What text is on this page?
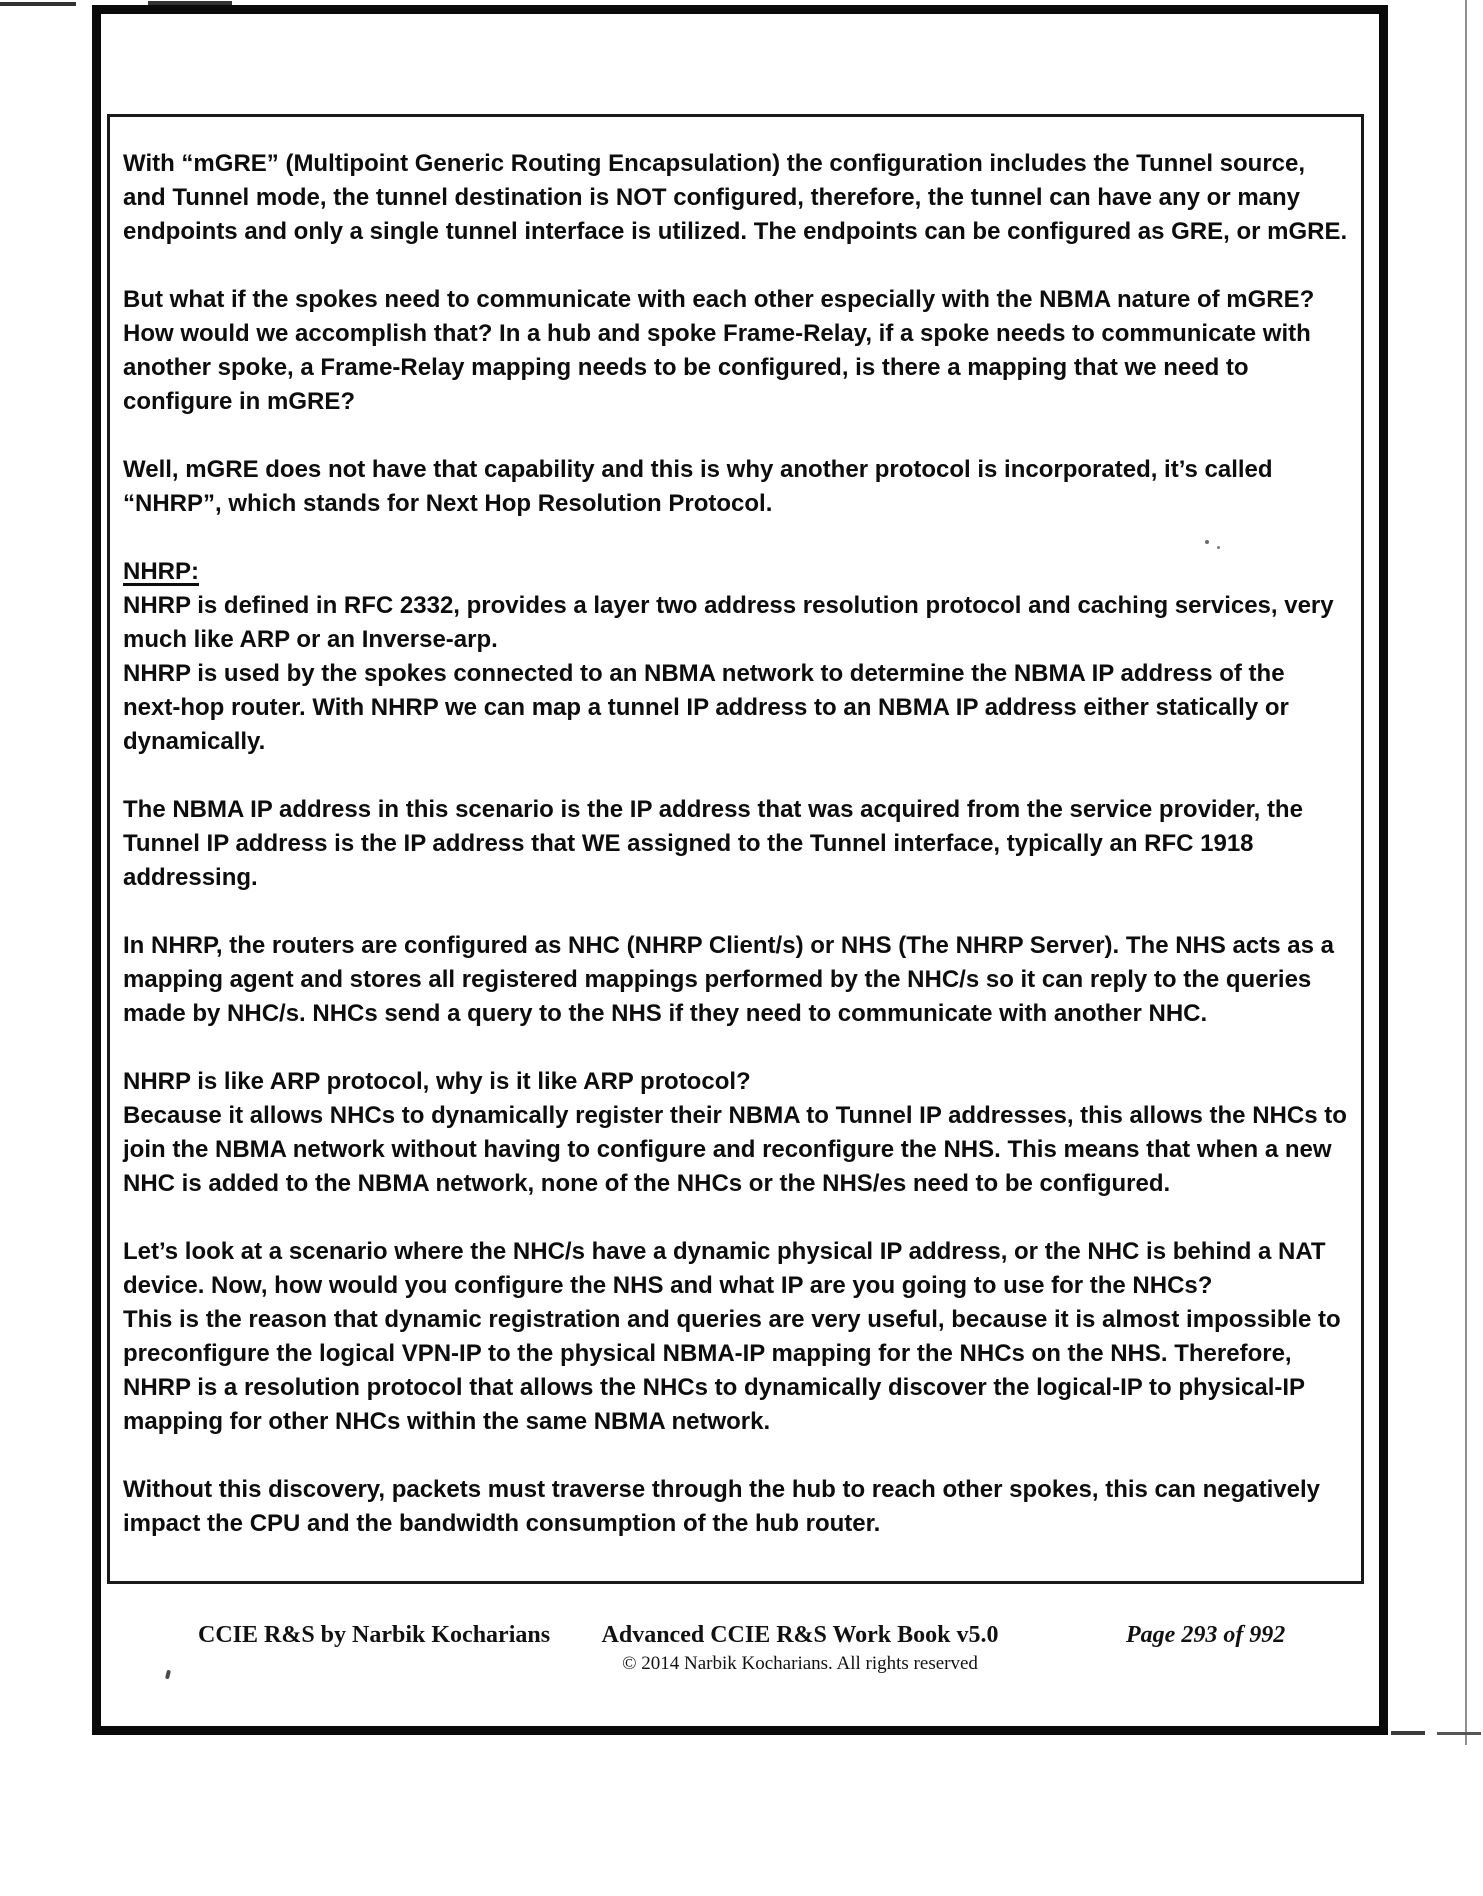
With “mGRE” (Multipoint Generic Routing Encapsulation) the configuration includes the Tunnel source,
and Tunnel mode, the tunnel destination is NOT configured, therefore, the tunnel can have any or many
endpoints and only a single tunnel interface is utilized. The endpoints can be configured as GRE, or mGRE.
But what if the spokes need to communicate with each other especially with the NBMA nature of mGRE?
How would we accomplish that? In a hub and spoke Frame-Relay, if a spoke needs to communicate with
another spoke, a Frame-Relay mapping needs to be configured, is there a mapping that we need to
configure in mGRE?
Well, mGRE does not have that capability and this is why another protocol is incorporated, it’s called
“NHRP”, which stands for Next Hop Resolution Protocol.
NHRP:
NHRP is defined in RFC 2332, provides a layer two address resolution protocol and caching services, very
much like ARP or an Inverse-arp.
NHRP is used by the spokes connected to an NBMA network to determine the NBMA IP address of the
next-hop router. With NHRP we can map a tunnel IP address to an NBMA IP address either statically or
dynamically.
The NBMA IP address in this scenario is the IP address that was acquired from the service provider, the
Tunnel IP address is the IP address that WE assigned to the Tunnel interface, typically an RFC 1918
addressing.
In NHRP, the routers are configured as NHC (NHRP Client/s) or NHS (The NHRP Server). The NHS acts as a
mapping agent and stores all registered mappings performed by the NHC/s so it can reply to the queries
made by NHC/s. NHCs send a query to the NHS if they need to communicate with another NHC.
NHRP is like ARP protocol, why is it like ARP protocol?
Because it allows NHCs to dynamically register their NBMA to Tunnel IP addresses, this allows the NHCs to
join the NBMA network without having to configure and reconfigure the NHS. This means that when a new
NHC is added to the NBMA network, none of the NHCs or the NHS/es need to be configured.
Let’s look at a scenario where the NHC/s have a dynamic physical IP address, or the NHC is behind a NAT
device. Now, how would you configure the NHS and what IP are you going to use for the NHCs?
This is the reason that dynamic registration and queries are very useful, because it is almost impossible to
preconfigure the logical VPN-IP to the physical NBMA-IP mapping for the NHCs on the NHS. Therefore,
NHRP is a resolution protocol that allows the NHCs to dynamically discover the logical-IP to physical-IP
mapping for other NHCs within the same NBMA network.
Without this discovery, packets must traverse through the hub to reach other spokes, this can negatively
impact the CPU and the bandwidth consumption of the hub router.
CCIE R&S by Narbik Kocharians	Advanced CCIE R&S Work Book v5.0
© 2014 Narbik Kocharians. All rights reserved
Page 293 of 992
